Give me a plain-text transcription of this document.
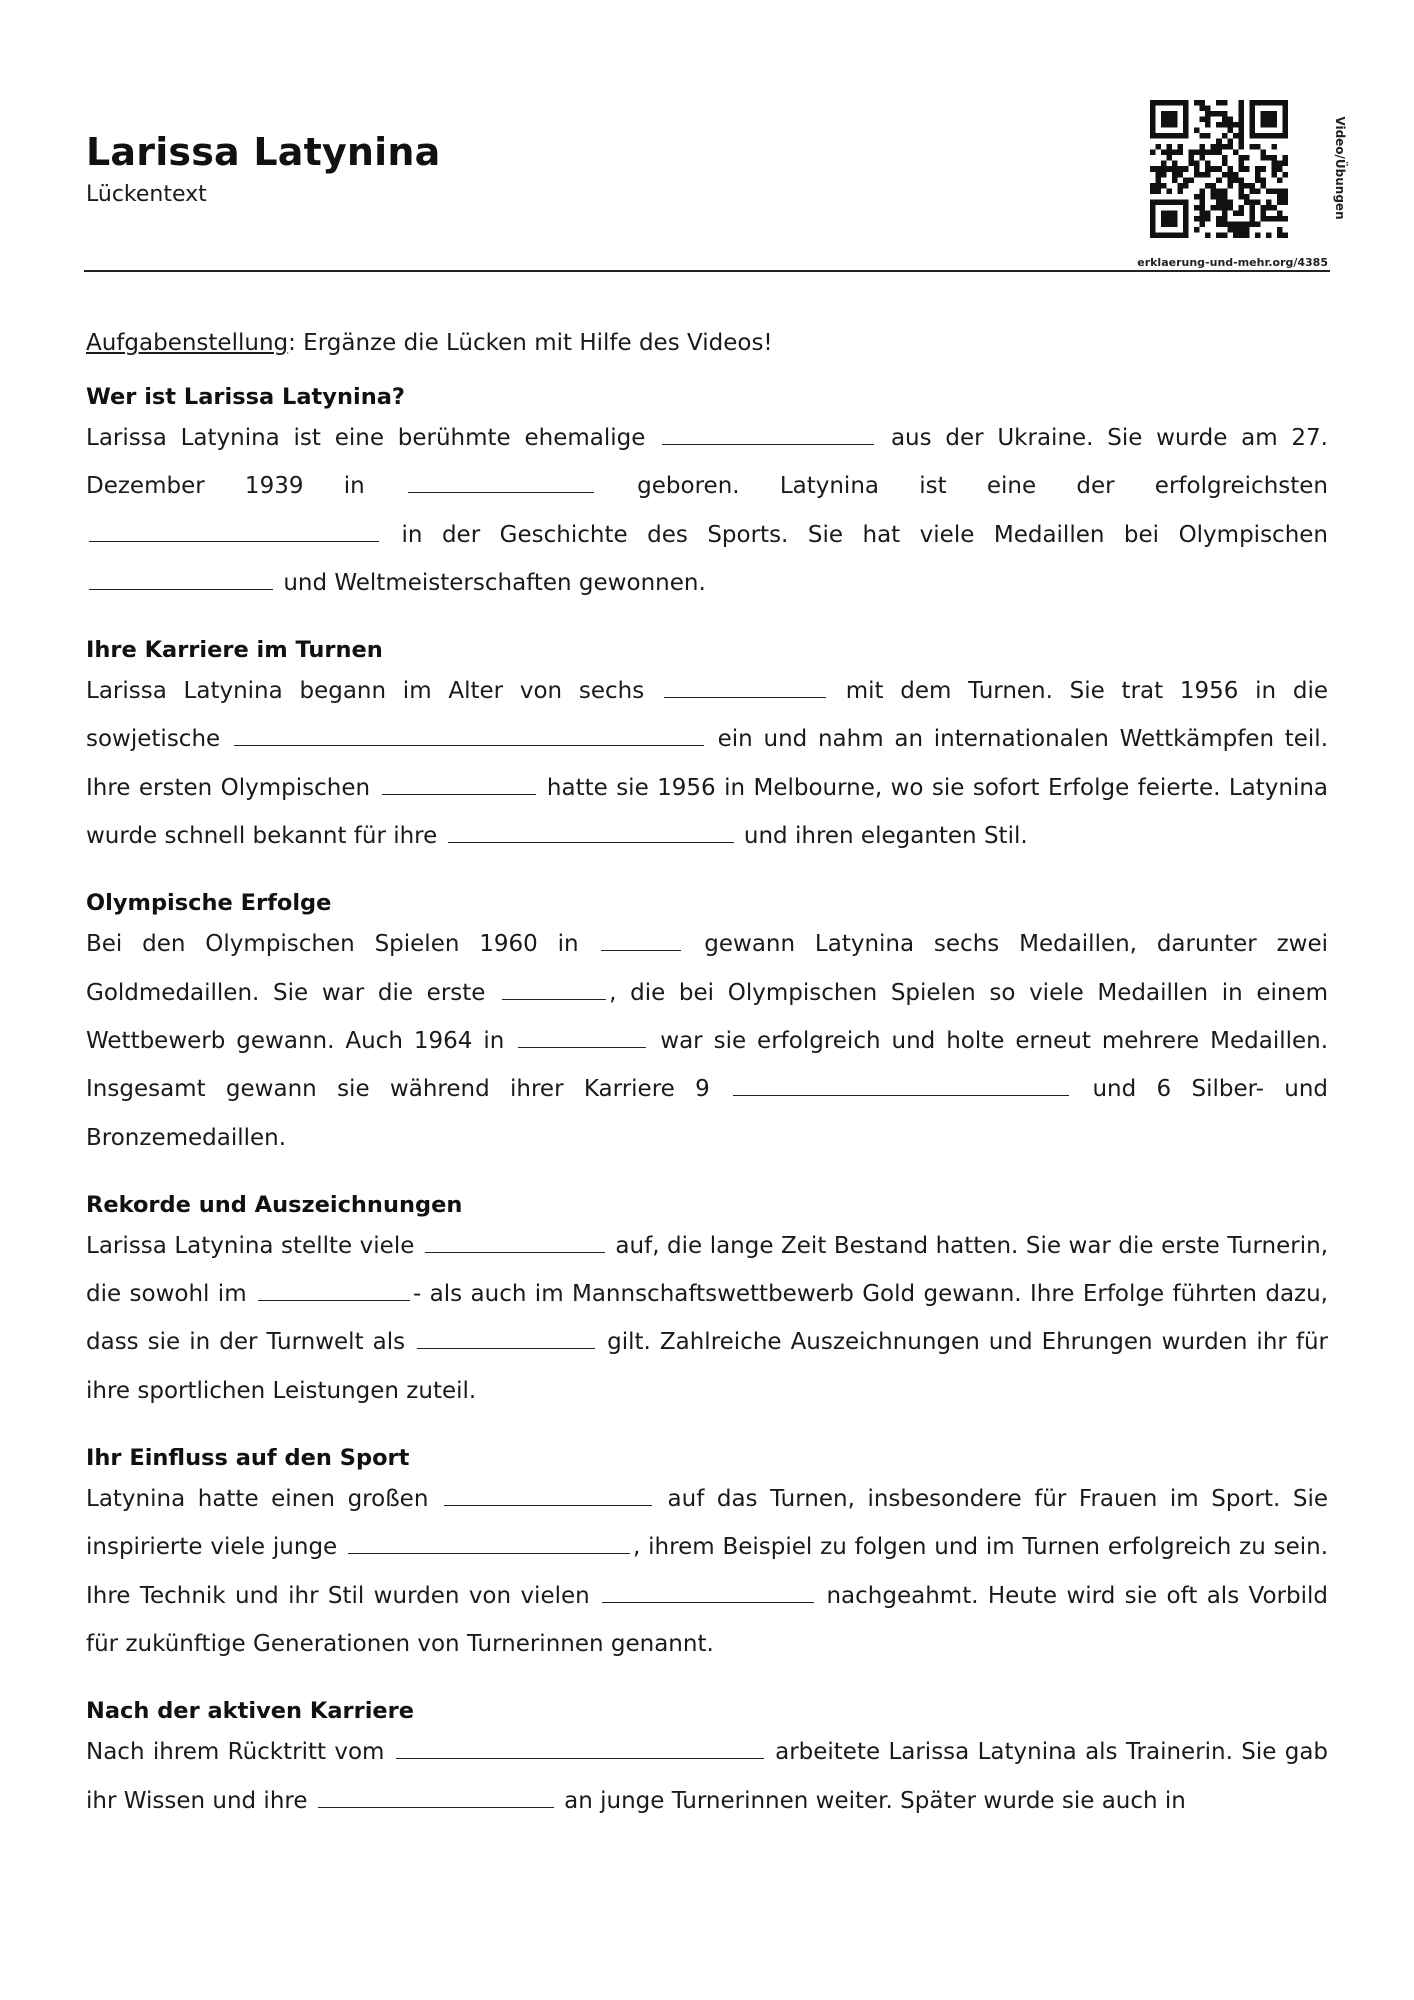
Larissa Latynina
Lückentext	Video/Übungen
erklaerung-und-mehr.org/4385
Aufgabenstellung: Ergänze die Lücken mit Hilfe des Videos!
Wer ist Larissa Latynina?

Larissa Latynina ist eine berühmte ehemalige	aus der Ukraine. Sie wurde am 27. Dezember 1939 in	geboren. Latynina ist eine der erfolgreichsten  in der Geschichte des Sports. Sie hat viele Medaillen bei Olympischen  und Weltmeisterschaften gewonnen.

Ihre Karriere im Turnen

Larissa Latynina begann im Alter von sechs	mit dem Turnen. Sie trat 1956 in die sowjetische	ein und nahm an internationalen Wettkämpfen teil. Ihre ersten Olympischen	hatte sie 1956 in Melbourne, wo sie sofort Erfolge feierte. Latynina wurde schnell bekannt für ihre	und ihren eleganten Stil.

Olympische Erfolge

Bei den Olympischen Spielen 1960 in	gewann Latynina sechs Medaillen, darunter zwei Goldmedaillen. Sie war die erste	, die bei Olympischen Spielen so viele Medaillen in einem Wettbewerb gewann. Auch 1964 in	war sie erfolgreich und holte erneut mehrere Medaillen. Insgesamt gewann sie während ihrer Karriere 9	und 6 Silber- und Bronzemedaillen.

Rekorde und Auszeichnungen

Larissa Latynina stellte viele	auf, die lange Zeit Bestand hatten. Sie war die erste Turnerin, die sowohl im	- als auch im Mannschaftswettbewerb Gold gewann. Ihre Erfolge führten dazu, dass sie in der Turnwelt als	gilt. Zahlreiche Auszeichnungen und Ehrungen wurden ihr für ihre sportlichen Leistungen zuteil.

Ihr Einfluss auf den Sport

Latynina hatte einen großen	auf das Turnen, insbesondere für Frauen im Sport. Sie inspirierte viele junge	, ihrem Beispiel zu folgen und im Turnen erfolgreich zu sein. Ihre Technik und ihr Stil wurden von vielen	nachgeahmt. Heute wird sie oft als Vorbild für zukünftige Generationen von Turnerinnen genannt.

Nach der aktiven Karriere

Nach ihrem Rücktritt vom	arbeitete Larissa Latynina als Trainerin. Sie gab ihr Wissen und ihre	an junge Turnerinnen weiter. Später wurde sie auch in
